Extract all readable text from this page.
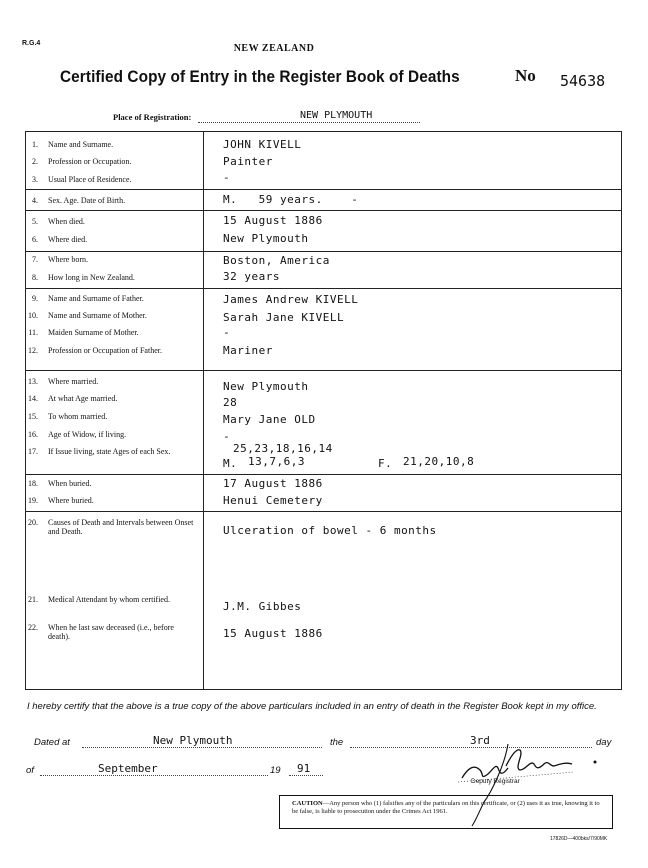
R.G.4	NEW ZEALAND
Certified Copy of Entry in the Register Book of Deaths	No 54638
Place of Registration:	NEW PLYMOUTH
1. Name and Surname.	JOHN KIVELL
2. Profession or Occupation.	Painter
3. Usual Place of Residence.	-
4. Sex. Age. Date of Birth.	M.   59 years.    -
5. When died.	15 August 1886
6. Where died.	New Plymouth
7. Where born.	Boston, America
8. How long in New Zealand.	32 years
9. Name and Surname of Father.	James Andrew KIVELL
10. Name and Surname of Mother.	Sarah Jane KIVELL
11. Maiden Surname of Mother.	-
12. Profession or Occupation of Father.	Mariner
13. Where married.	New Plymouth
14. At what Age married.	28
15. To whom married.	Mary Jane OLD
16. Age of Widow, if living.	-
17. If Issue living, state Ages of each Sex.	25,23,18,16,14
M. 13,7,6,3	F. 21,20,10,8
18. When buried.	17 August 1886
19. Where buried.	Henui Cemetery
20. Causes of Death and Intervals between Onset and Death.	Ulceration of bowel - 6 months
21. Medical Attendant by whom certified.
J.M. Gibbes
22. When he last saw deceased (i.e., before death).	15 August 1886
I hereby certify that the above is a true copy of the above particulars included in an entry of death in the Register Book kept in my office.
Dated at	New Plymouth	the	3rd	day
of	September	19 91
Deputy Registrar
CAUTION—Any person who (1) falsifies any of the particulars on this certificate, or (2) uses it as true, knowing it to be false, is liable to prosecution under the Crimes Act 1961.
17826D—400bks/7/90MK
